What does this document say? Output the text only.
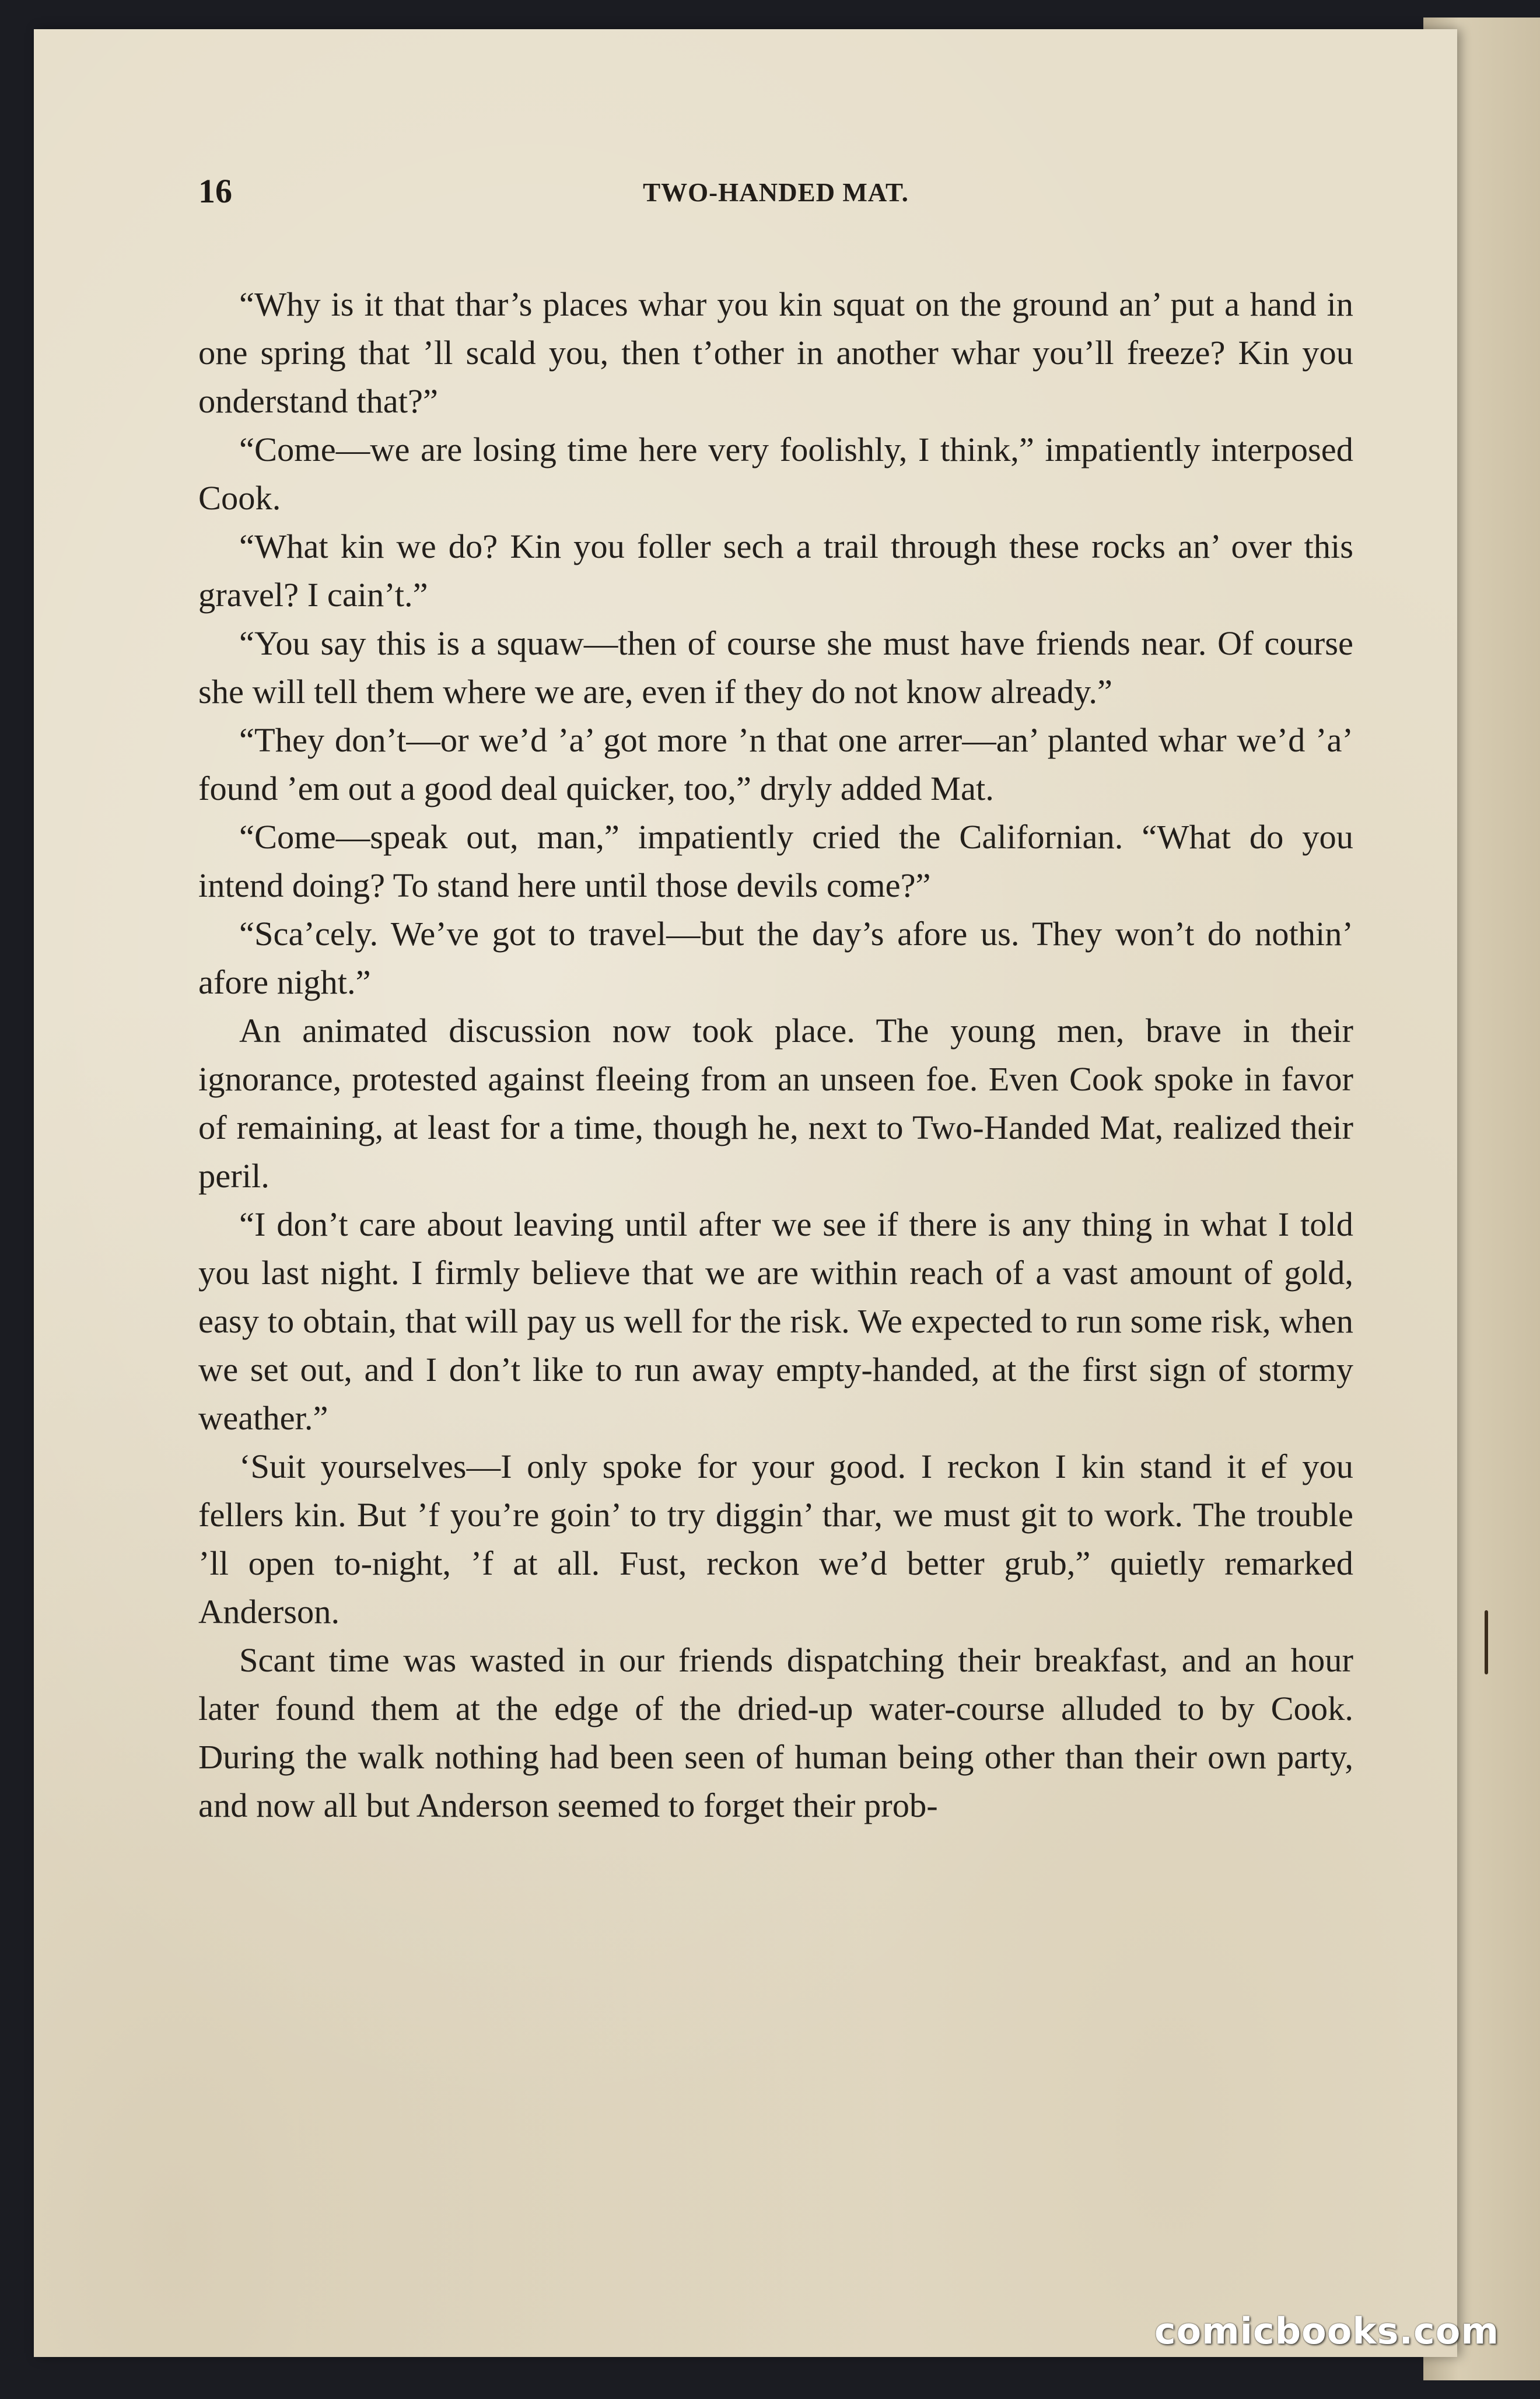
16	TWO-HANDED MAT.

“Why is it that thar’s places whar you kin squat on the ground an’ put a hand in one spring that ’ll scald you, then t’other in another whar you’ll freeze? Kin you onderstand that?”

“Come—we are losing time here very foolishly, I think,” impatiently interposed Cook.

“What kin we do? Kin you foller sech a trail through these rocks an’ over this gravel? I cain’t.”

“You say this is a squaw—then of course she must have friends near. Of course she will tell them where we are, even if they do not know already.”

“They don’t—or we’d ’a’ got more ’n that one arrer—an’ planted whar we’d ’a’ found ’em out a good deal quicker, too,” dryly added Mat.

“Come—speak out, man,” impatiently cried the Californian. “What do you intend doing? To stand here until those devils come?”

“Sca’cely. We’ve got to travel—but the day’s afore us. They won’t do nothin’ afore night.”

An animated discussion now took place. The young men, brave in their ignorance, protested against fleeing from an unseen foe. Even Cook spoke in favor of remaining, at least for a time, though he, next to Two-Handed Mat, realized their peril.

“I don’t care about leaving until after we see if there is any thing in what I told you last night. I firmly believe that we are within reach of a vast amount of gold, easy to obtain, that will pay us well for the risk. We expected to run some risk, when we set out, and I don’t like to run away empty-handed, at the first sign of stormy weather.”

‘Suit yourselves—I only spoke for your good. I reckon I kin stand it ef you fellers kin. But ’f you’re goin’ to try diggin’ thar, we must git to work. The trouble ’ll open to-night, ’f at all. Fust, reckon we’d better grub,” quietly remarked Anderson.

Scant time was wasted in our friends dispatching their breakfast, and an hour later found them at the edge of the dried-up water-course alluded to by Cook. During the walk nothing had been seen of human being other than their own party, and now all but Anderson seemed to forget their prob-

comicbooks.com
